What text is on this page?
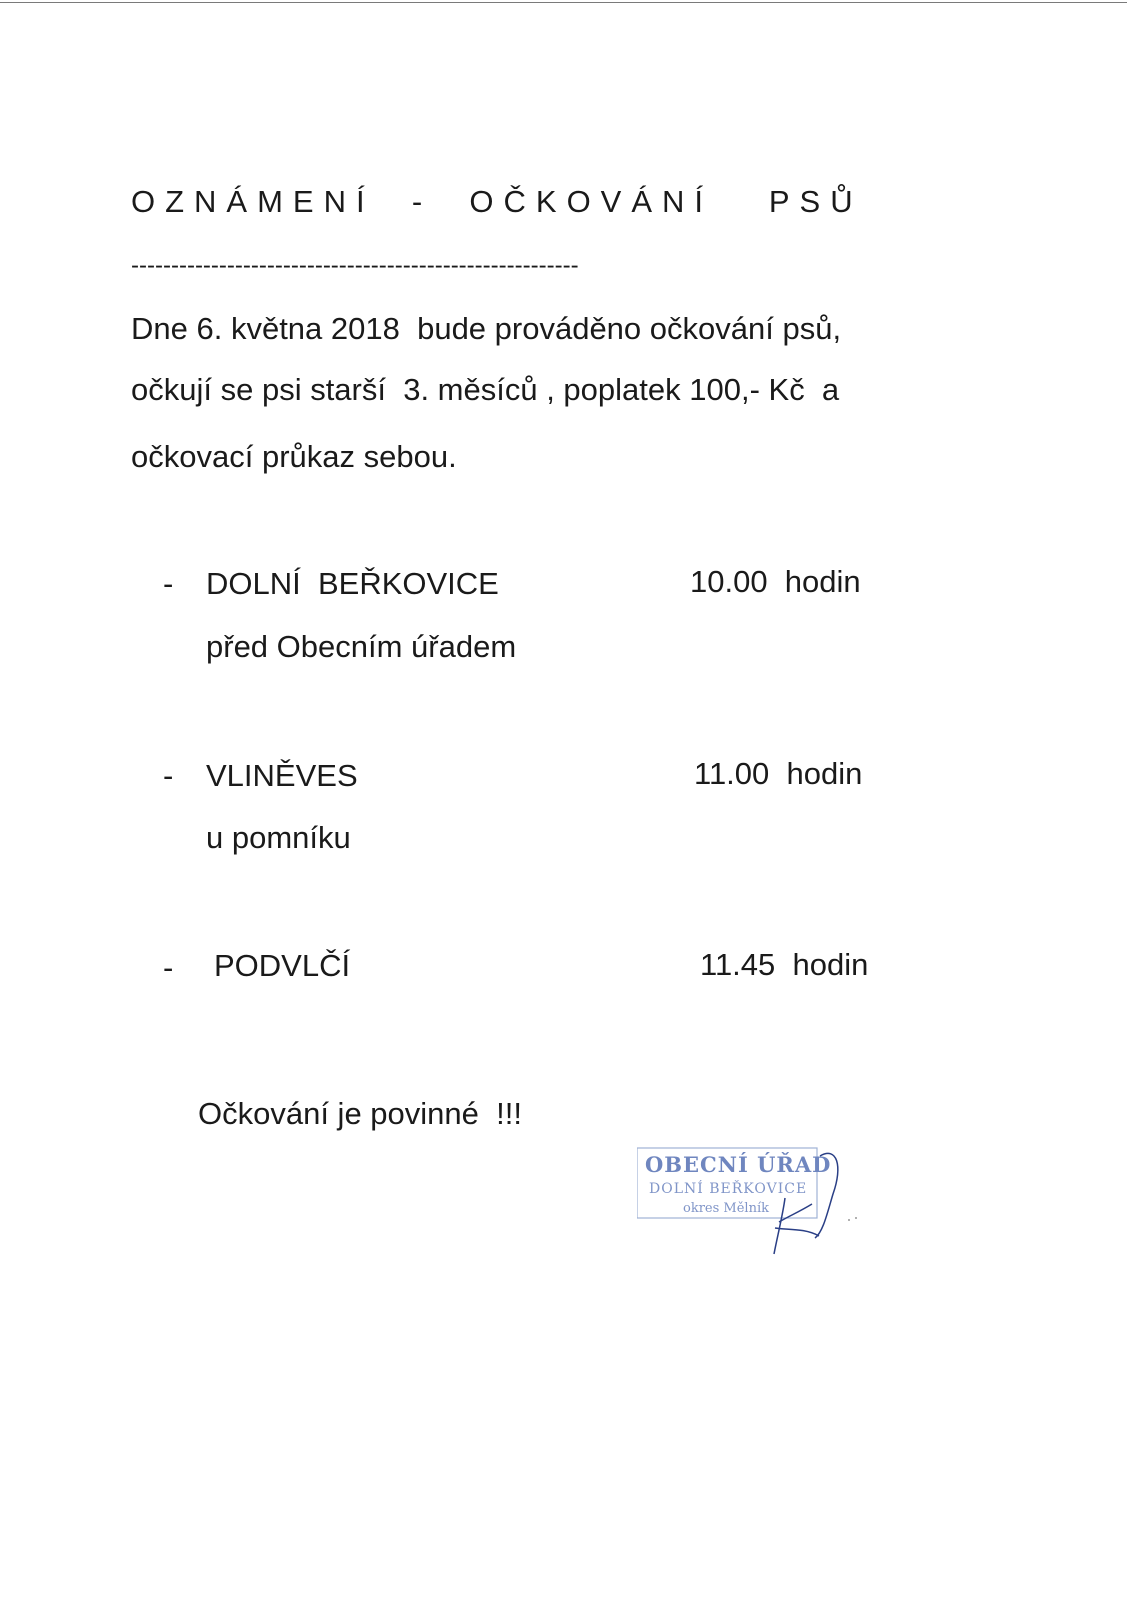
OZNÁMENÍ  -  OČKOVÁNÍ   PSŮ
--------------------------------------------------------
Dne 6. května 2018  bude prováděno očkování psů,
očkují se psi starší  3. měsíců , poplatek 100,- Kč  a
očkovací průkaz sebou.
- DOLNÍ  BEŘKOVICE	10.00  hodin
před Obecním úřadem
- VLINĚVES	11.00  hodin
u pomníku
- PODVLČÍ	11.45  hodin
Očkování je povinné  !!!
OBECNÍ ÚŘAD
DOLNÍ BEŘKOVICE
okres Mělník
